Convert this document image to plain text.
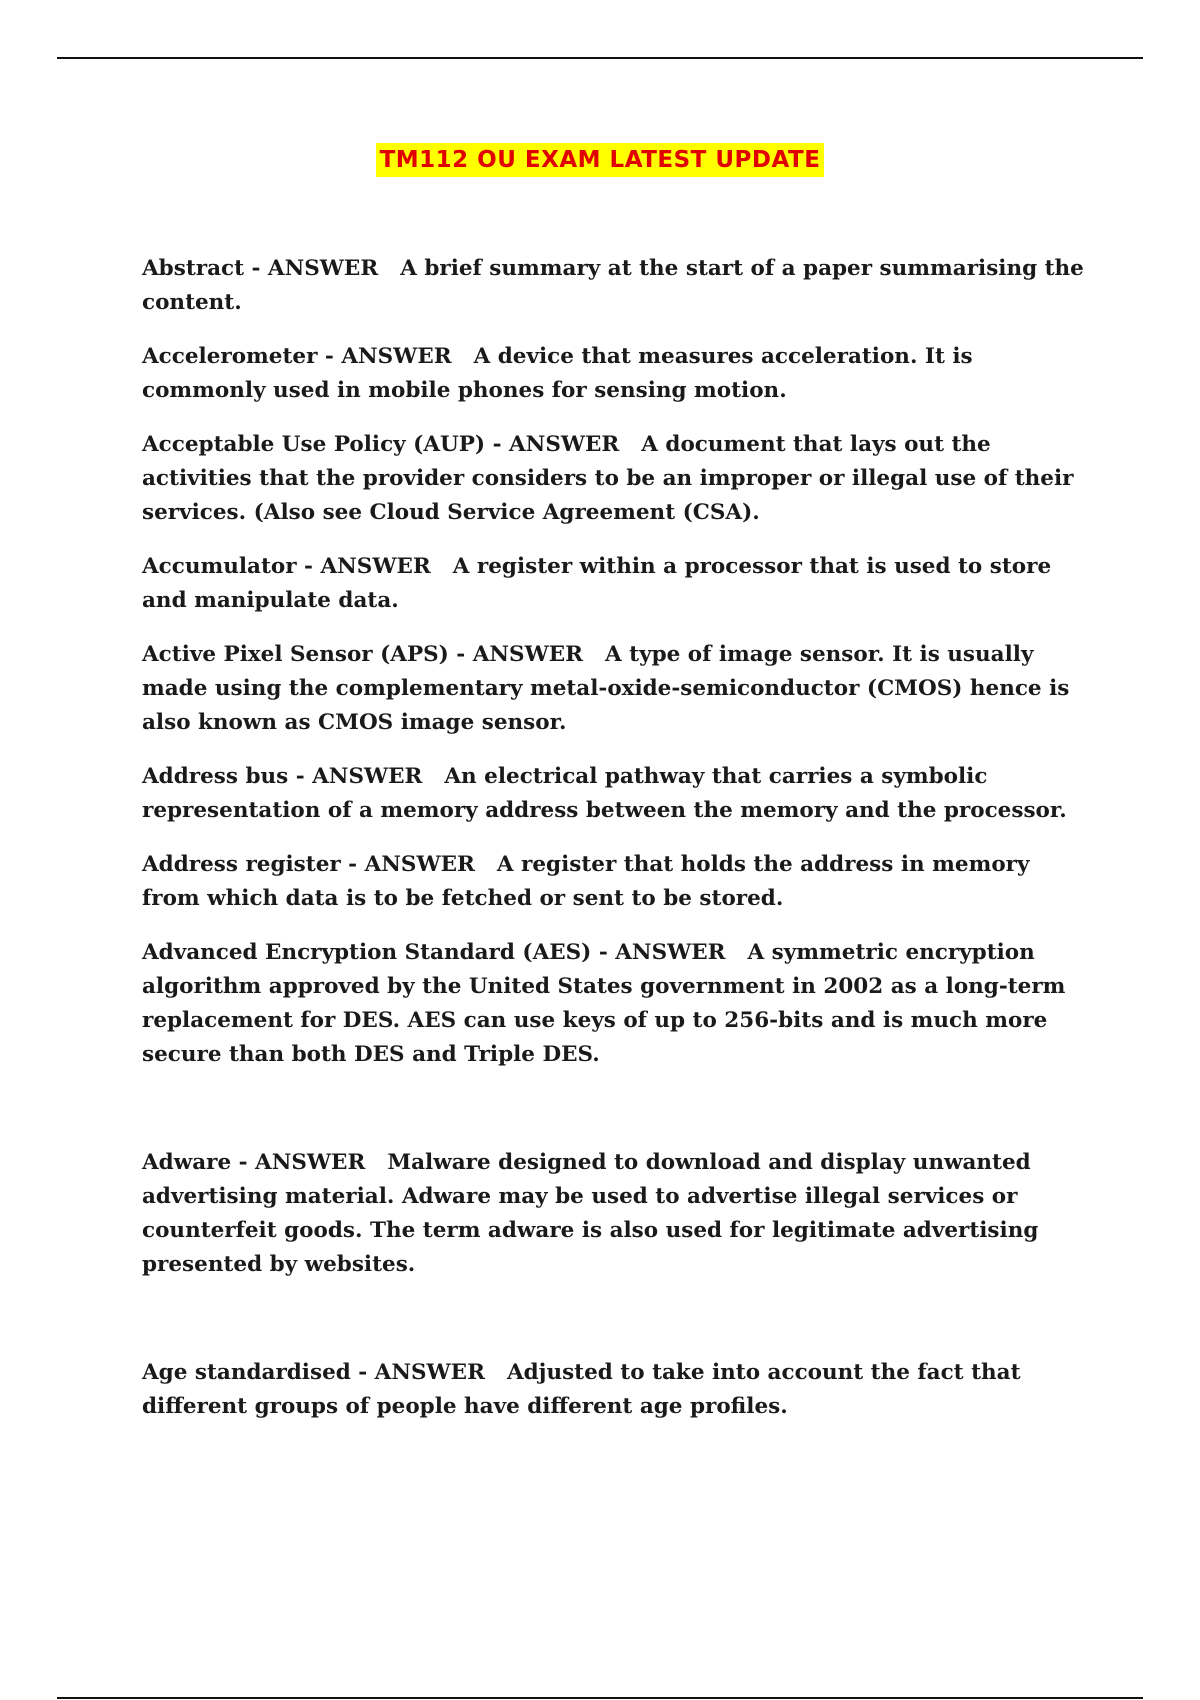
TM112 OU EXAM LATEST UPDATE

Abstract - ANSWER A brief summary at the start of a paper summarising the content.

Accelerometer - ANSWER A device that measures acceleration. It is commonly used in mobile phones for sensing motion.

Acceptable Use Policy (AUP) - ANSWER A document that lays out the activities that the provider considers to be an improper or illegal use of their services. (Also see Cloud Service Agreement (CSA).

Accumulator - ANSWER A register within a processor that is used to store and manipulate data.

Active Pixel Sensor (APS) - ANSWER A type of image sensor. It is usually made using the complementary metal-oxide-semiconductor (CMOS) hence is also known as CMOS image sensor.

Address bus - ANSWER An electrical pathway that carries a symbolic representation of a memory address between the memory and the processor.

Address register - ANSWER A register that holds the address in memory from which data is to be fetched or sent to be stored.

Advanced Encryption Standard (AES) - ANSWER A symmetric encryption algorithm approved by the United States government in 2002 as a long-term replacement for DES. AES can use keys of up to 256-bits and is much more secure than both DES and Triple DES.

Adware - ANSWER Malware designed to download and display unwanted advertising material. Adware may be used to advertise illegal services or counterfeit goods. The term adware is also used for legitimate advertising presented by websites.

Age standardised - ANSWER Adjusted to take into account the fact that different groups of people have different age profiles.
